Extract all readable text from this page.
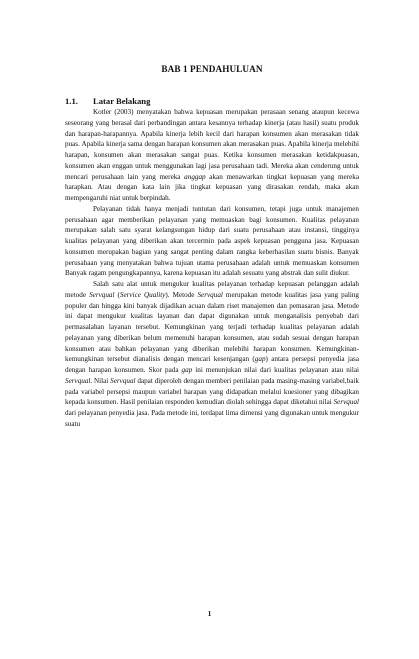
BAB 1 PENDAHULUAN
1.1.	Latar Belakang

Kotler (2003) menyatakan bahwa kepuasan merupakan perasaan senang ataupun kecewa seseorang yang berasal dari perbandingan antara kesannya terhadap kinerja (atau hasil) suatu produk dan harapan-harapannya. Apabila kinerja lebih kecil dari harapan konsumen akan merasakan tidak puas. Apabila kinerja sama dengan harapan konsumen akan merasakan puas. Apabila kinerja melebihi harapan, konsumen akan merasakan sangat puas. Ketika konsumen merasakan ketidakpuasan, konsumen akan enggan untuk menggunakan lagi jasa perusahaan tadi. Mereka akan cenderung untuk mencari perusahaan lain yang mereka anggap akan menawarkan tingkat kepuasan yang mereka harapkan. Atau dengan kata lain jika tingkat kepuasan yang dirasakan rendah, maka akan mempengaruhi niat untuk berpindah.

Pelayanan tidak hanya menjadi tuntutan dari konsumen, tetapi juga untuk manajemen perusahaan agar memberikan pelayanan yang memuaskan bagi konsumen. Kualitas pelayanan merupakan salah satu syarat kelangsungan hidup dari suatu perusahaan atau instansi, tingginya kualitas pelayanan yang diberikan akan tercermin pada aspek kepuasan pengguna jasa. Kepuasan konsumen merupakan bagian yang sangat penting dalam rangka keberhasilan suatu bisnis. Banyak perusahaan yang menyatakan bahwa tujuan utama perusahaan adalah untuk memuaskan konsumen Banyak ragam pengungkapannya, karena kepuasan itu adalah sesuatu yang abstrak dan sulit diukur.

Salah satu alat untuk mengukur kualitas pelayanan terhadap kepuasan pelanggan adalah metode Servqual (Service Quality). Metode Servqual merupakan metode kualitas jasa yang paling populer dan hingga kini banyak dijadikan acuan dalam riset manajemen dan pemasaran jasa. Metode ini dapat mengukur kualitas layanan dan dapat digunakan untuk menganalisis penyebab dari permasalahan layanan tersebut. Kemungkinan yang terjadi terhadap kualitas pelayanan adalah pelayanan yang diberikan belum memenuhi harapan konsumen, atau sudah sesuai dengan harapan konsumen atau bahkan pelayanan yang diberikan melebihi harapan konsumen. Kemungkinan-kemungkinan tersebut dianalisis dengan mencari kesenjangan (gap) antara persepsi penyedia jasa dengan harapan konsumen. Skor pada gap ini menunjukan nilai dari kualitas pelayanan atau nilai Servqual. Nilai Servqual dapat diperoleh dengan memberi penilaian pada masing-masing variabel,baik pada variabel persepsi maupun variabel harapan yang didapatkan melalui kuesioner yang dibagikan kepada konsumen. Hasil penilaian responden kemudian diolah sehingga dapat diketahui nilai Servqual dari pelayanan penyedia jasa. Pada metode ini, terdapat lima dimensi yang digunakan untuk mengukur suatu

1
